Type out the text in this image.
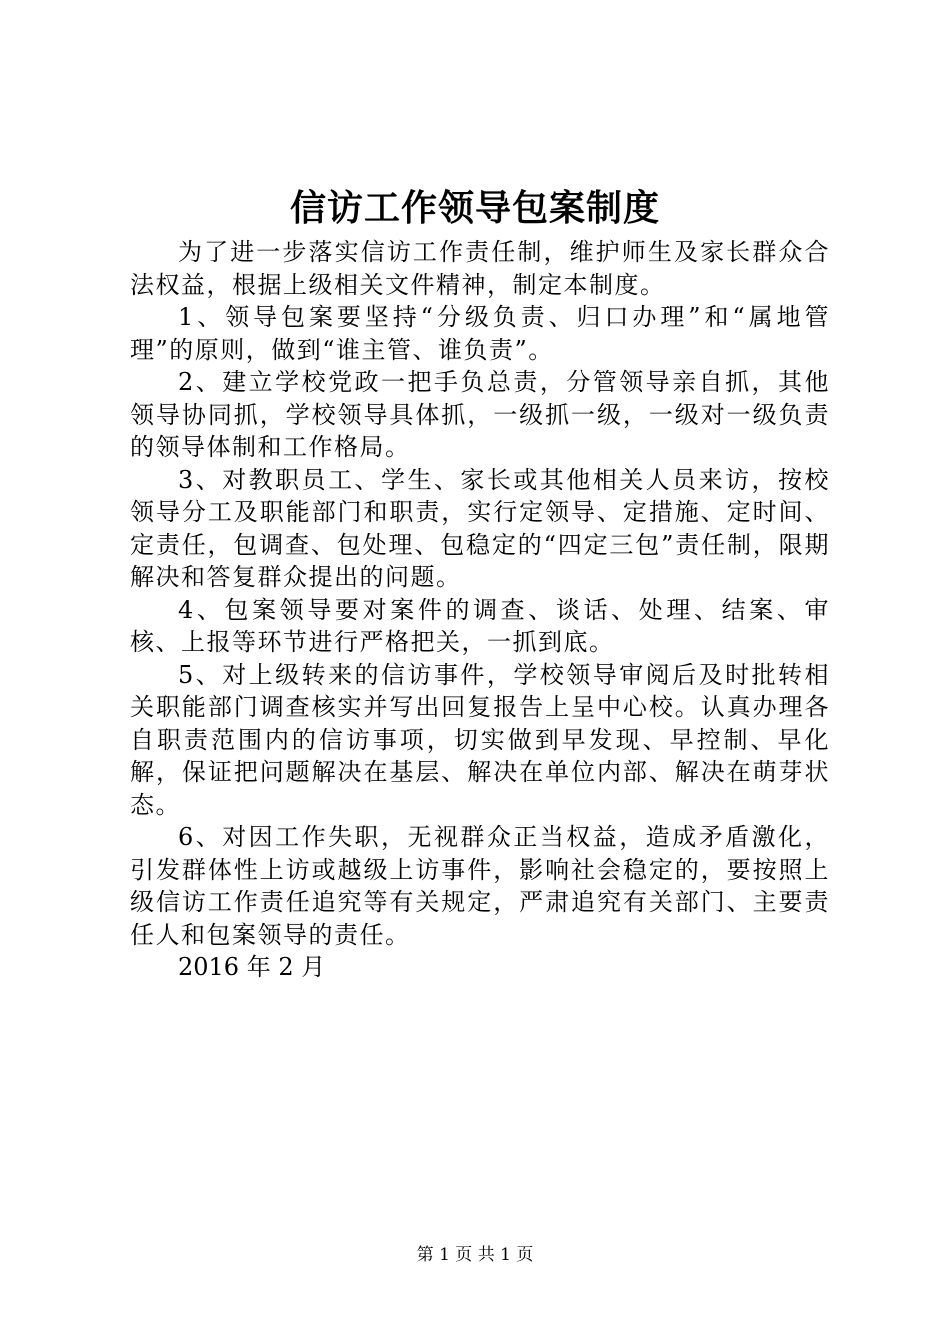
信访工作领导包案制度

为了进一步落实信访工作责任制，维护师生及家长群众合法权益，根据上级相关文件精神，制定本制度。

1、领导包案要坚持“分级负责、归口办理”和“属地管理”的原则，做到“谁主管、谁负责”。

2、建立学校党政一把手负总责，分管领导亲自抓，其他领导协同抓，学校领导具体抓，一级抓一级，一级对一级负责的领导体制和工作格局。

3、对教职员工、学生、家长或其他相关人员来访，按校领导分工及职能部门和职责，实行定领导、定措施、定时间、定责任，包调查、包处理、包稳定的“四定三包”责任制，限期解决和答复群众提出的问题。

4、包案领导要对案件的调查、谈话、处理、结案、审核、上报等环节进行严格把关，一抓到底。

5、对上级转来的信访事件，学校领导审阅后及时批转相关职能部门调查核实并写出回复报告上呈中心校。认真办理各自职责范围内的信访事项，切实做到早发现、早控制、早化解，保证把问题解决在基层、解决在单位内部、解决在萌芽状态。

6、对因工作失职，无视群众正当权益，造成矛盾激化，引发群体性上访或越级上访事件，影响社会稳定的，要按照上级信访工作责任追究等有关规定，严肃追究有关部门、主要责任人和包案领导的责任。

2016 年 2 月

第 1 页 共 1 页
